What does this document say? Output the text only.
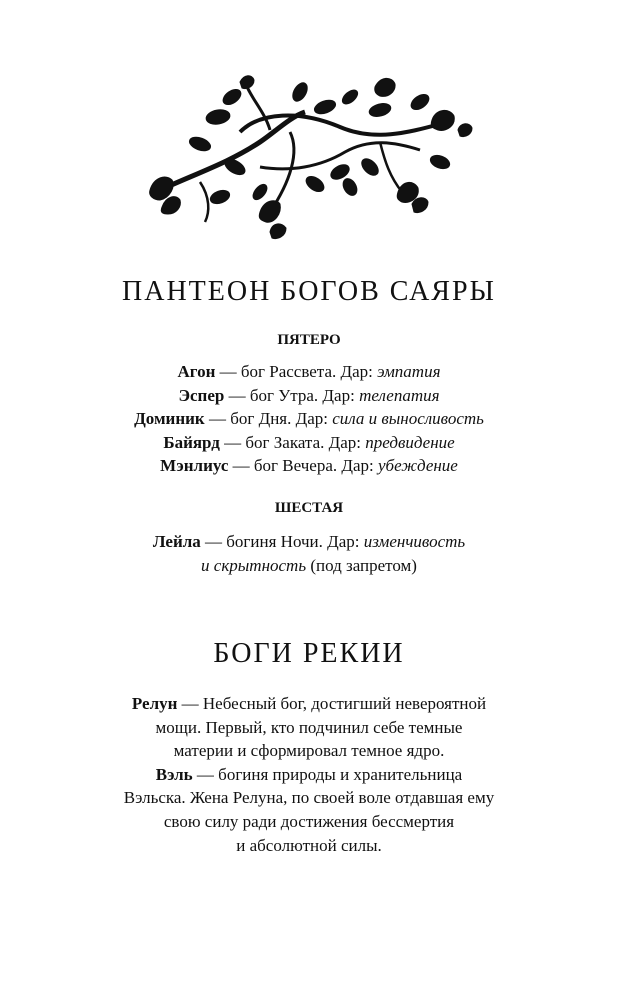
ПАНТЕОН БОГОВ САЯРЫ
ПЯТЕРО
Агон — бог Рассвета. Дар: эмпатия
Эспер — бог Утра. Дар: телепатия
Доминик — бог Дня. Дар: сила и выносливость
Байярд — бог Заката. Дар: предвидение
Мэнлиус — бог Вечера. Дар: убеждение
ШЕСТАЯ
Лейла — богиня Ночи. Дар: изменчивость
и скрытность (под запретом)
БОГИ РЕКИИ
Релун — Небесный бог, достигший невероятной
мощи. Первый, кто подчинил себе темные
материи и сформировал темное ядро.
Вэль — богиня природы и хранительница
Вэльска. Жена Релуна, по своей воле отдавшая ему
свою силу ради достижения бессмертия
и абсолютной силы.
